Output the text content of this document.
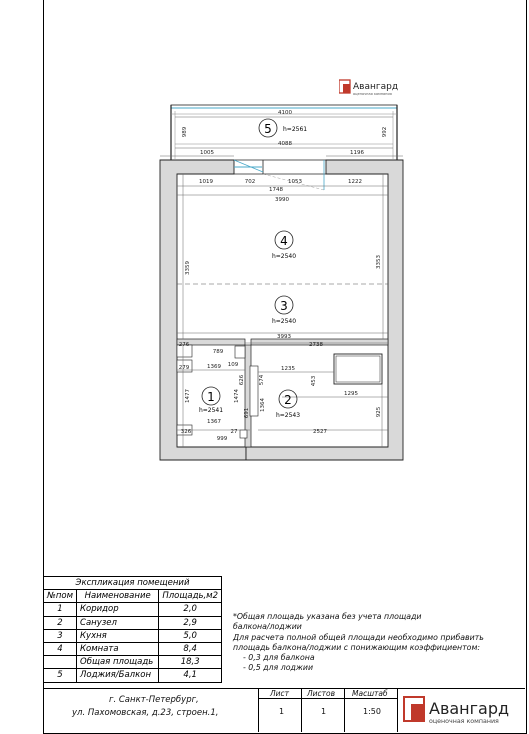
Авангард
оценочная компания
5 h=2561
4
h=2540
3
h=2540
1
h=2541
2
h=2543
4100
4088
989	992
1005	1196
1019	702	1053	1222
1748
3990
3359	3353
3993
2738
276
789
109
279	1369
626	574
1235
453
1295
1477	1474
691
1364	925
1367
326	27	2527
999
Экспликация помещений		
№пом	Наименование	Площадь,м2
1	Коридор	2,0
2	Санузел	2,9
3	Кухня	5,0
4	Комната	8,4
	Общая площадь	18,3
5	Лоджия/Балкон	4,1
*Общая площадь указана без учета площади
балкона/лоджии
Для расчета полной общей площади необходимо прибавить
площадь балкона/лоджии с понижающим коэффициентом:
- 0,3 для балкона
- 0,5 для лоджии
г. Санкт-Петербург,
ул. Пахомовская, д.23, строен.1,
Лист Листов Масштаб
1	1	1:50	Авангард
оценочная компания
